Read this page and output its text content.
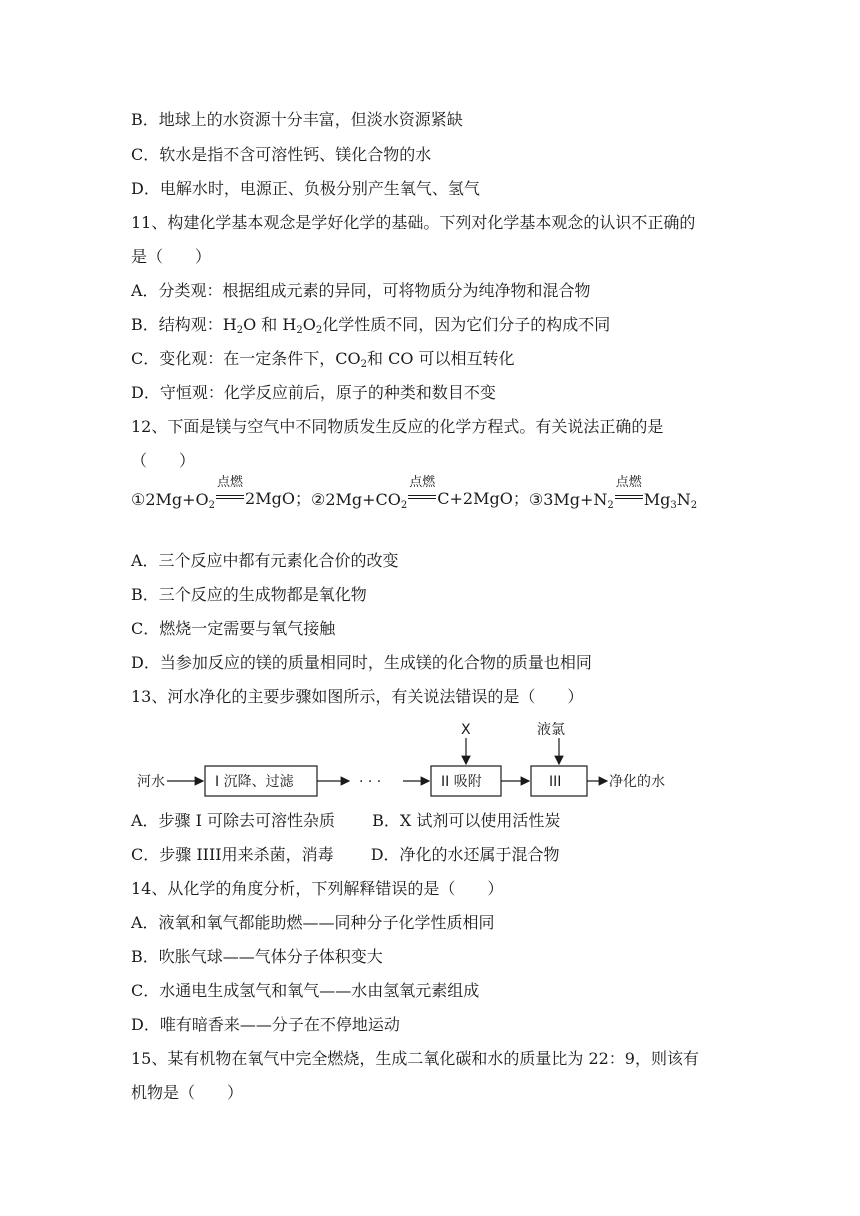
B．地球上的水资源十分丰富，但淡水资源紧缺
C．软水是指不含可溶性钙、镁化合物的水
D．电解水时，电源正、负极分别产生氧气、氢气
11、构建化学基本观念是学好化学的基础。下列对化学基本观念的认识不正确的
是（　　）
A．分类观：根据组成元素的异同，可将物质分为纯净物和混合物
B．结构观：$H_2O$ 和 $H_2O_2$化学性质不同，因为它们分子的构成不同
C．变化观：在一定条件下，$CO_2$和 CO 可以相互转化
D．守恒观：化学反应前后，原子的种类和数目不变
12、下面是镁与空气中不同物质发生反应的化学方程式。有关说法正确的是
（　　）
$①2Mg+O_2$
点燃
2MgO；$②2Mg+CO_2$
点燃
C+2MgO；$③3Mg+N_2$
点燃
$Mg_3N_2$
A．三个反应中都有元素化合价的改变
B．三个反应的生成物都是氧化物
C．燃烧一定需要与氧气接触
D．当参加反应的镁的质量相同时，生成镁的化合物的质量也相同
13、河水净化的主要步骤如图所示，有关说法错误的是（　　）
河水	I 沉降、过滤	· · ·	II 吸附
X
III
液氯
净化的水
A．步骤 I 可除去可溶性杂质　　 B．X 试剂可以使用活性炭
C．步骤 IIII用来杀菌，消毒　　 D．净化的水还属于混合物
14、从化学的角度分析，下列解释错误的是（　　）
A．液氧和氧气都能助燃——同种分子化学性质相同
B．吹胀气球——气体分子体积变大
C．水通电生成氢气和氧气——水由氢氧元素组成
D．唯有暗香来——分子在不停地运动
15、某有机物在氧气中完全燃烧，生成二氧化碳和水的质量比为 22：9，则该有
机物是（　　）
